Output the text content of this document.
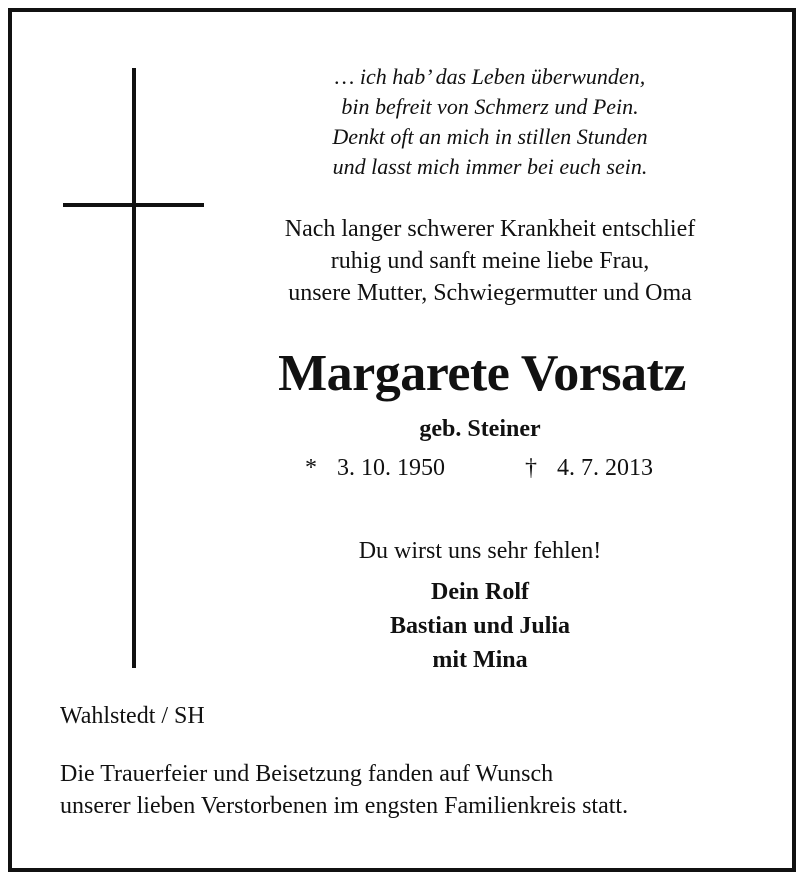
… ich hab’ das Leben überwunden,
bin befreit von Schmerz und Pein.
Denkt oft an mich in stillen Stunden
und lasst mich immer bei euch sein.
Nach langer schwerer Krankheit entschlief
ruhig und sanft meine liebe Frau,
unsere Mutter, Schwiegermutter und Oma
Margarete Vorsatz
geb. Steiner
* 3. 10. 1950	† 4. 7. 2013
Du wirst uns sehr fehlen!
Dein Rolf
Bastian und Julia
mit Mina
Wahlstedt / SH
Die Trauerfeier und Beisetzung fanden auf Wunsch
unserer lieben Verstorbenen im engsten Familienkreis statt.
